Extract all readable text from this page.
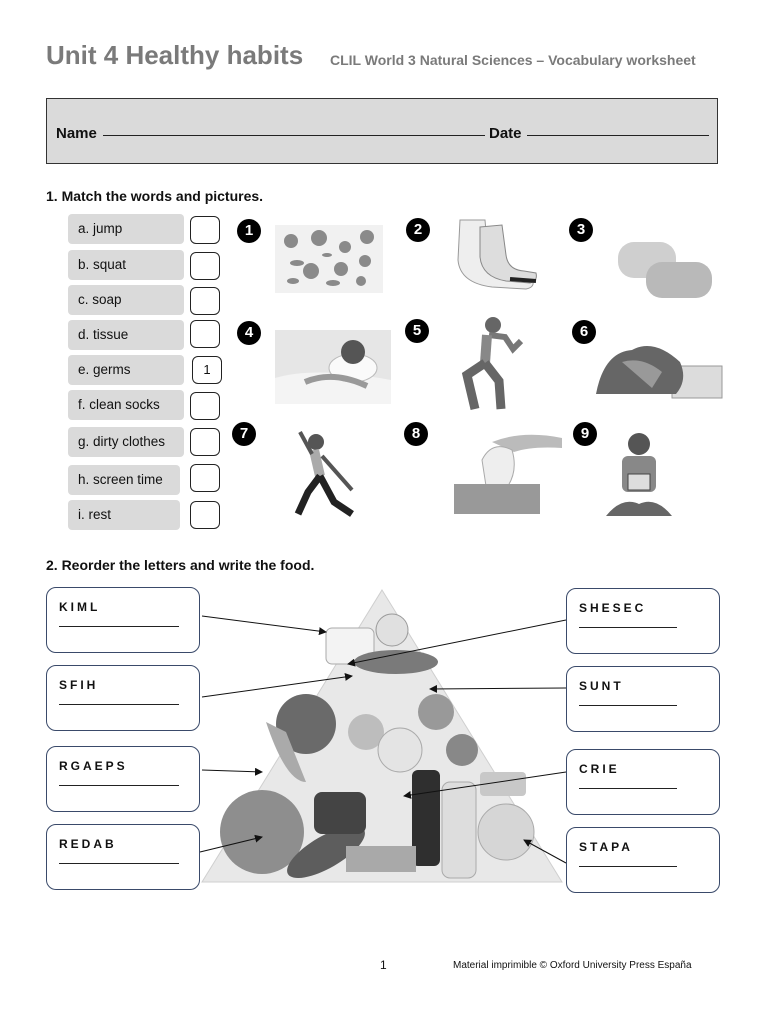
Unit 4 Healthy habits CLIL World 3 Natural Sciences – Vocabulary worksheet
Name	Date
1. Match the words and pictures.
a. jump
b. squat
c. soap
d. tissue
e. germs	1
f. clean socks
g. dirty clothes
h. screen time
i. rest
1	2	3
4	5	6
7	8	9
2. Reorder the letters and write the food.
KIML
SFIH
RGAEPS
REDAB
SHESEC
SUNT
CRIE
STAPA
1	Material imprimible © Oxford University Press España
